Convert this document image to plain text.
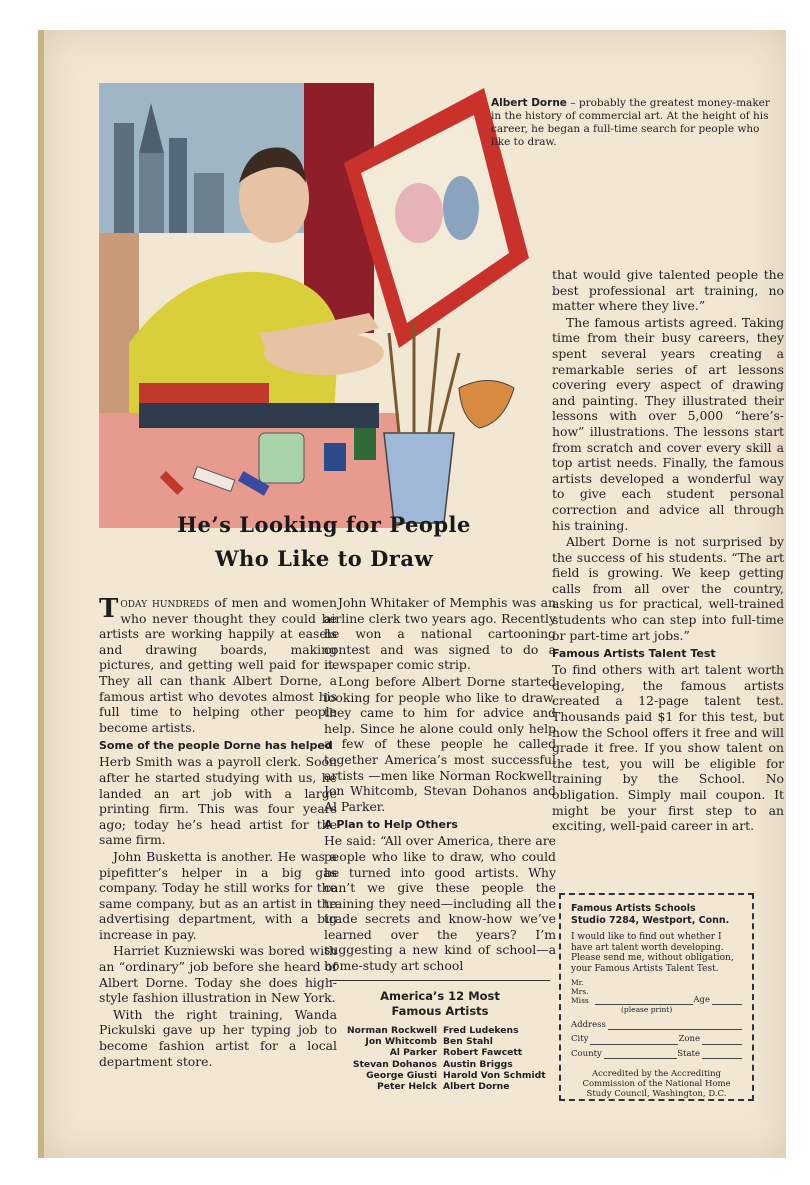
Albert Dorne – probably the greatest money-maker in the history of commercial art. At the height of his career, he began a full-time search for people who like to draw.
He’s Looking for People
Who Like to Draw

Today hundreds of men and women who never thought they could be artists are working happily at easels and drawing boards, making pictures, and getting well paid for it. They all can thank Albert Dorne, a famous artist who devotes almost his full time to helping other people become artists.

Some of the people Dorne has helped

Herb Smith was a payroll clerk. Soon after he started studying with us, he landed an art job with a large printing firm. This was four years ago; today he’s head artist for the same firm.

John Busketta is another. He was a pipefitter’s helper in a big gas company. Today he still works for the same company, but as an artist in the advertising department, with a big increase in pay.

Harriet Kuzniewski was bored with an “ordinary” job before she heard of Albert Dorne. Today she does high-style fashion illustration in New York.

With the right training, Wanda Pickulski gave up her typing job to become fashion artist for a local department store.

John Whitaker of Memphis was an airline clerk two years ago. Recently he won a national cartooning contest and was signed to do a newspaper comic strip.

Long before Albert Dorne started looking for people who like to draw, they came to him for advice and help. Since he alone could only help a few of these people he called together America’s most successful artists —men like Norman Rockwell, Jon Whitcomb, Stevan Dohanos and Al Parker.

A Plan to Help Others

He said: “All over America, there are people who like to draw, who could be turned into good artists. Why can’t we give these people the training they need—including all the trade secrets and know-how we’ve learned over the years? I’m suggesting a new kind of school—a home-study art school

America’s 12 Most
Famous Artists
Norman Rockwell Fred Ludekens
Jon Whitcomb Ben Stahl
Al Parker Robert Fawcett
Stevan Dohanos Austin Briggs
George Giusti Harold Von Schmidt
Peter Helck Albert Dorne

that would give talented people the best professional art training, no matter where they live.”

The famous artists agreed. Taking time from their busy careers, they spent several years creating a remarkable series of art lessons covering every aspect of drawing and painting. They illustrated their lessons with over 5,000 “here’s-how” illustrations. The lessons start from scratch and cover every skill a top artist needs. Finally, the famous artists developed a wonderful way to give each student personal correction and advice all through his training.

Albert Dorne is not surprised by the success of his students. “The art field is growing. We keep getting calls from all over the country, asking us for practical, well-trained students who can step into full-time or part-time art jobs.”

Famous Artists Talent Test

To find others with art talent worth developing, the famous artists created a 12-page talent test. Thousands paid $1 for this test, but now the School offers it free and will grade it free. If you show talent on the test, you will be eligible for training by the School. No obligation. Simply mail coupon. It might be your first step to an exciting, well-paid career in art.

Famous Artists Schools
Studio 7284, Westport, Conn.
I would like to find out whether I have art talent worth developing. Please send me, without obligation, your Famous Artists Talent Test.
Mr. Mrs. Miss	Age
(please print)
Address
City	Zone
County	State
Accredited by the Accrediting Commission of the National Home Study Council, Washington, D.C.
